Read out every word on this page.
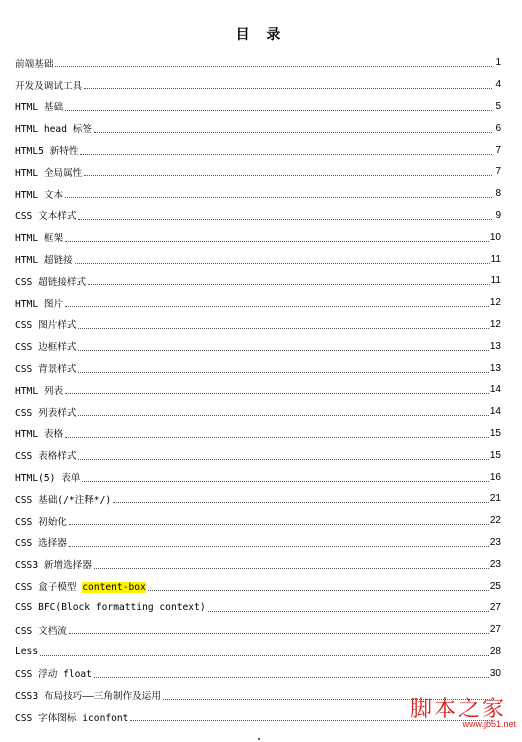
目 录
前端基础	1
开发及调试工具	4
HTML 基础	5
HTML head 标签	6
HTML5 新特性	7
HTML 全局属性	7
HTML 文本	8
CSS 文本样式	9
HTML 框架	10
HTML 超链接	11
CSS 超链接样式	11
HTML 图片	12
CSS 图片样式	12
CSS 边框样式	13
CSS 背景样式	13
HTML 列表	14
CSS 列表样式	14
HTML 表格	15
CSS 表格样式	15
HTML(5) 表单	16
CSS 基础(/*注释*/)	21
CSS 初始化	22
CSS 选择器	23
CSS3 新增选择器	23
CSS 盒子模型 content-box	25
CSS BFC(Block formatting context)	27
CSS 文档流	27
Less	28
CSS 浮动 float	30
CSS3 布局技巧——三角制作及运用
CSS 字体图标 iconfont	脚本之家
www.jb51.net
